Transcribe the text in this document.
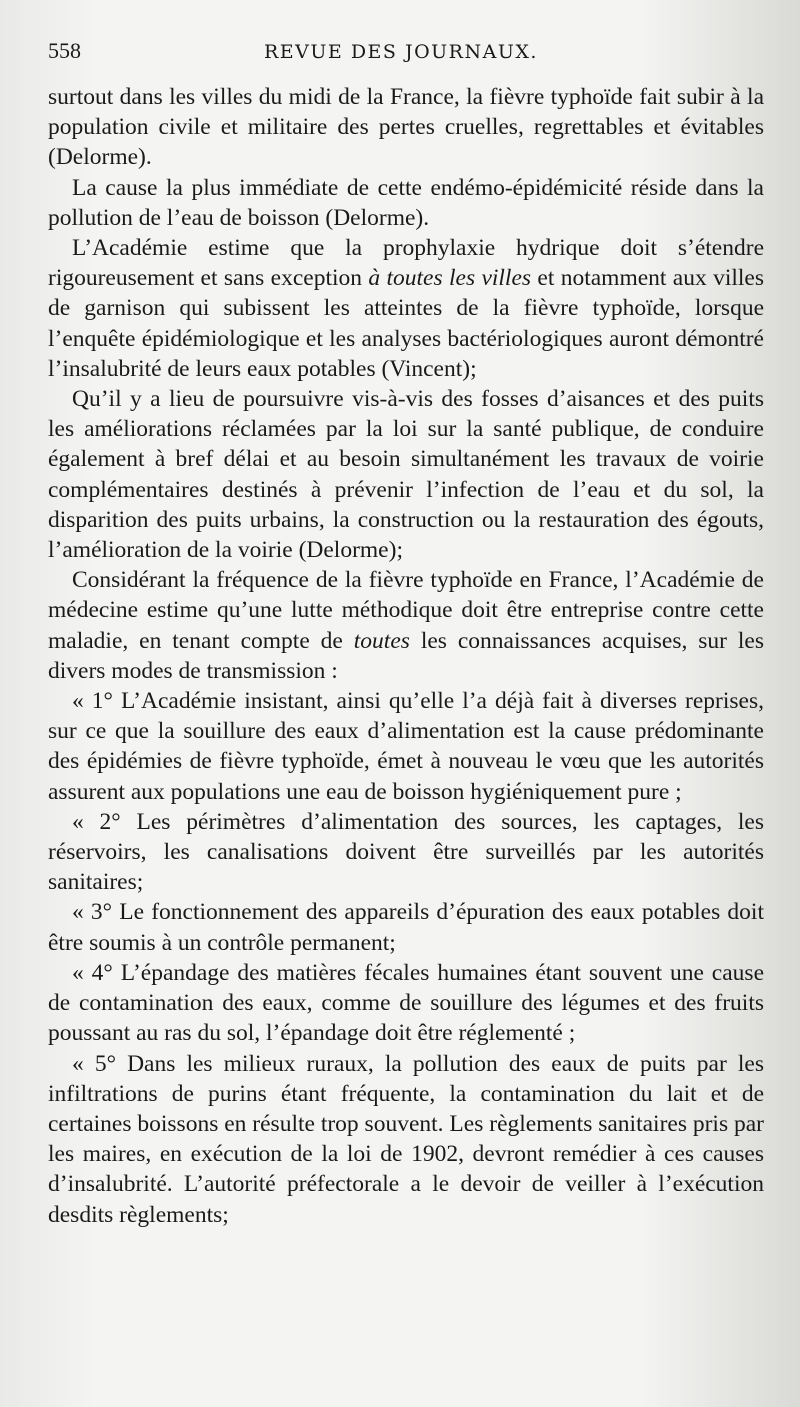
558	REVUE DES JOURNAUX.

surtout dans les villes du midi de la France, la fièvre typhoïde fait subir à la population civile et militaire des pertes cruelles, regrettables et évitables (Delorme).

La cause la plus immédiate de cette endémo-épidémicité réside dans la pollution de l’eau de boisson (Delorme).

L’Académie estime que la prophylaxie hydrique doit s’étendre rigoureusement et sans exception à toutes les villes et notamment aux villes de garnison qui subissent les atteintes de la fièvre typhoïde, lorsque l’enquête épidémiologique et les analyses bactériologiques auront démontré l’insalubrité de leurs eaux potables (Vincent);

Qu’il y a lieu de poursuivre vis-à-vis des fosses d’aisances et des puits les améliorations réclamées par la loi sur la santé publique, de conduire également à bref délai et au besoin simultanément les travaux de voirie complémentaires destinés à prévenir l’infection de l’eau et du sol, la disparition des puits urbains, la construction ou la restauration des égouts, l’amélioration de la voirie (Delorme);

Considérant la fréquence de la fièvre typhoïde en France, l’Académie de médecine estime qu’une lutte méthodique doit être entreprise contre cette maladie, en tenant compte de toutes les connaissances acquises, sur les divers modes de transmission :

« 1° L’Académie insistant, ainsi qu’elle l’a déjà fait à diverses reprises, sur ce que la souillure des eaux d’alimentation est la cause prédominante des épidémies de fièvre typhoïde, émet à nouveau le vœu que les autorités assurent aux populations une eau de boisson hygiéniquement pure ;

« 2° Les périmètres d’alimentation des sources, les captages, les réservoirs, les canalisations doivent être surveillés par les autorités sanitaires;

« 3° Le fonctionnement des appareils d’épuration des eaux potables doit être soumis à un contrôle permanent;

« 4° L’épandage des matières fécales humaines étant souvent une cause de contamination des eaux, comme de souillure des légumes et des fruits poussant au ras du sol, l’épandage doit être réglementé ;

« 5° Dans les milieux ruraux, la pollution des eaux de puits par les infiltrations de purins étant fréquente, la contamination du lait et de certaines boissons en résulte trop souvent. Les règlements sanitaires pris par les maires, en exécution de la loi de 1902, devront remédier à ces causes d’insalubrité. L’autorité préfectorale a le devoir de veiller à l’exécution desdits règlements;
